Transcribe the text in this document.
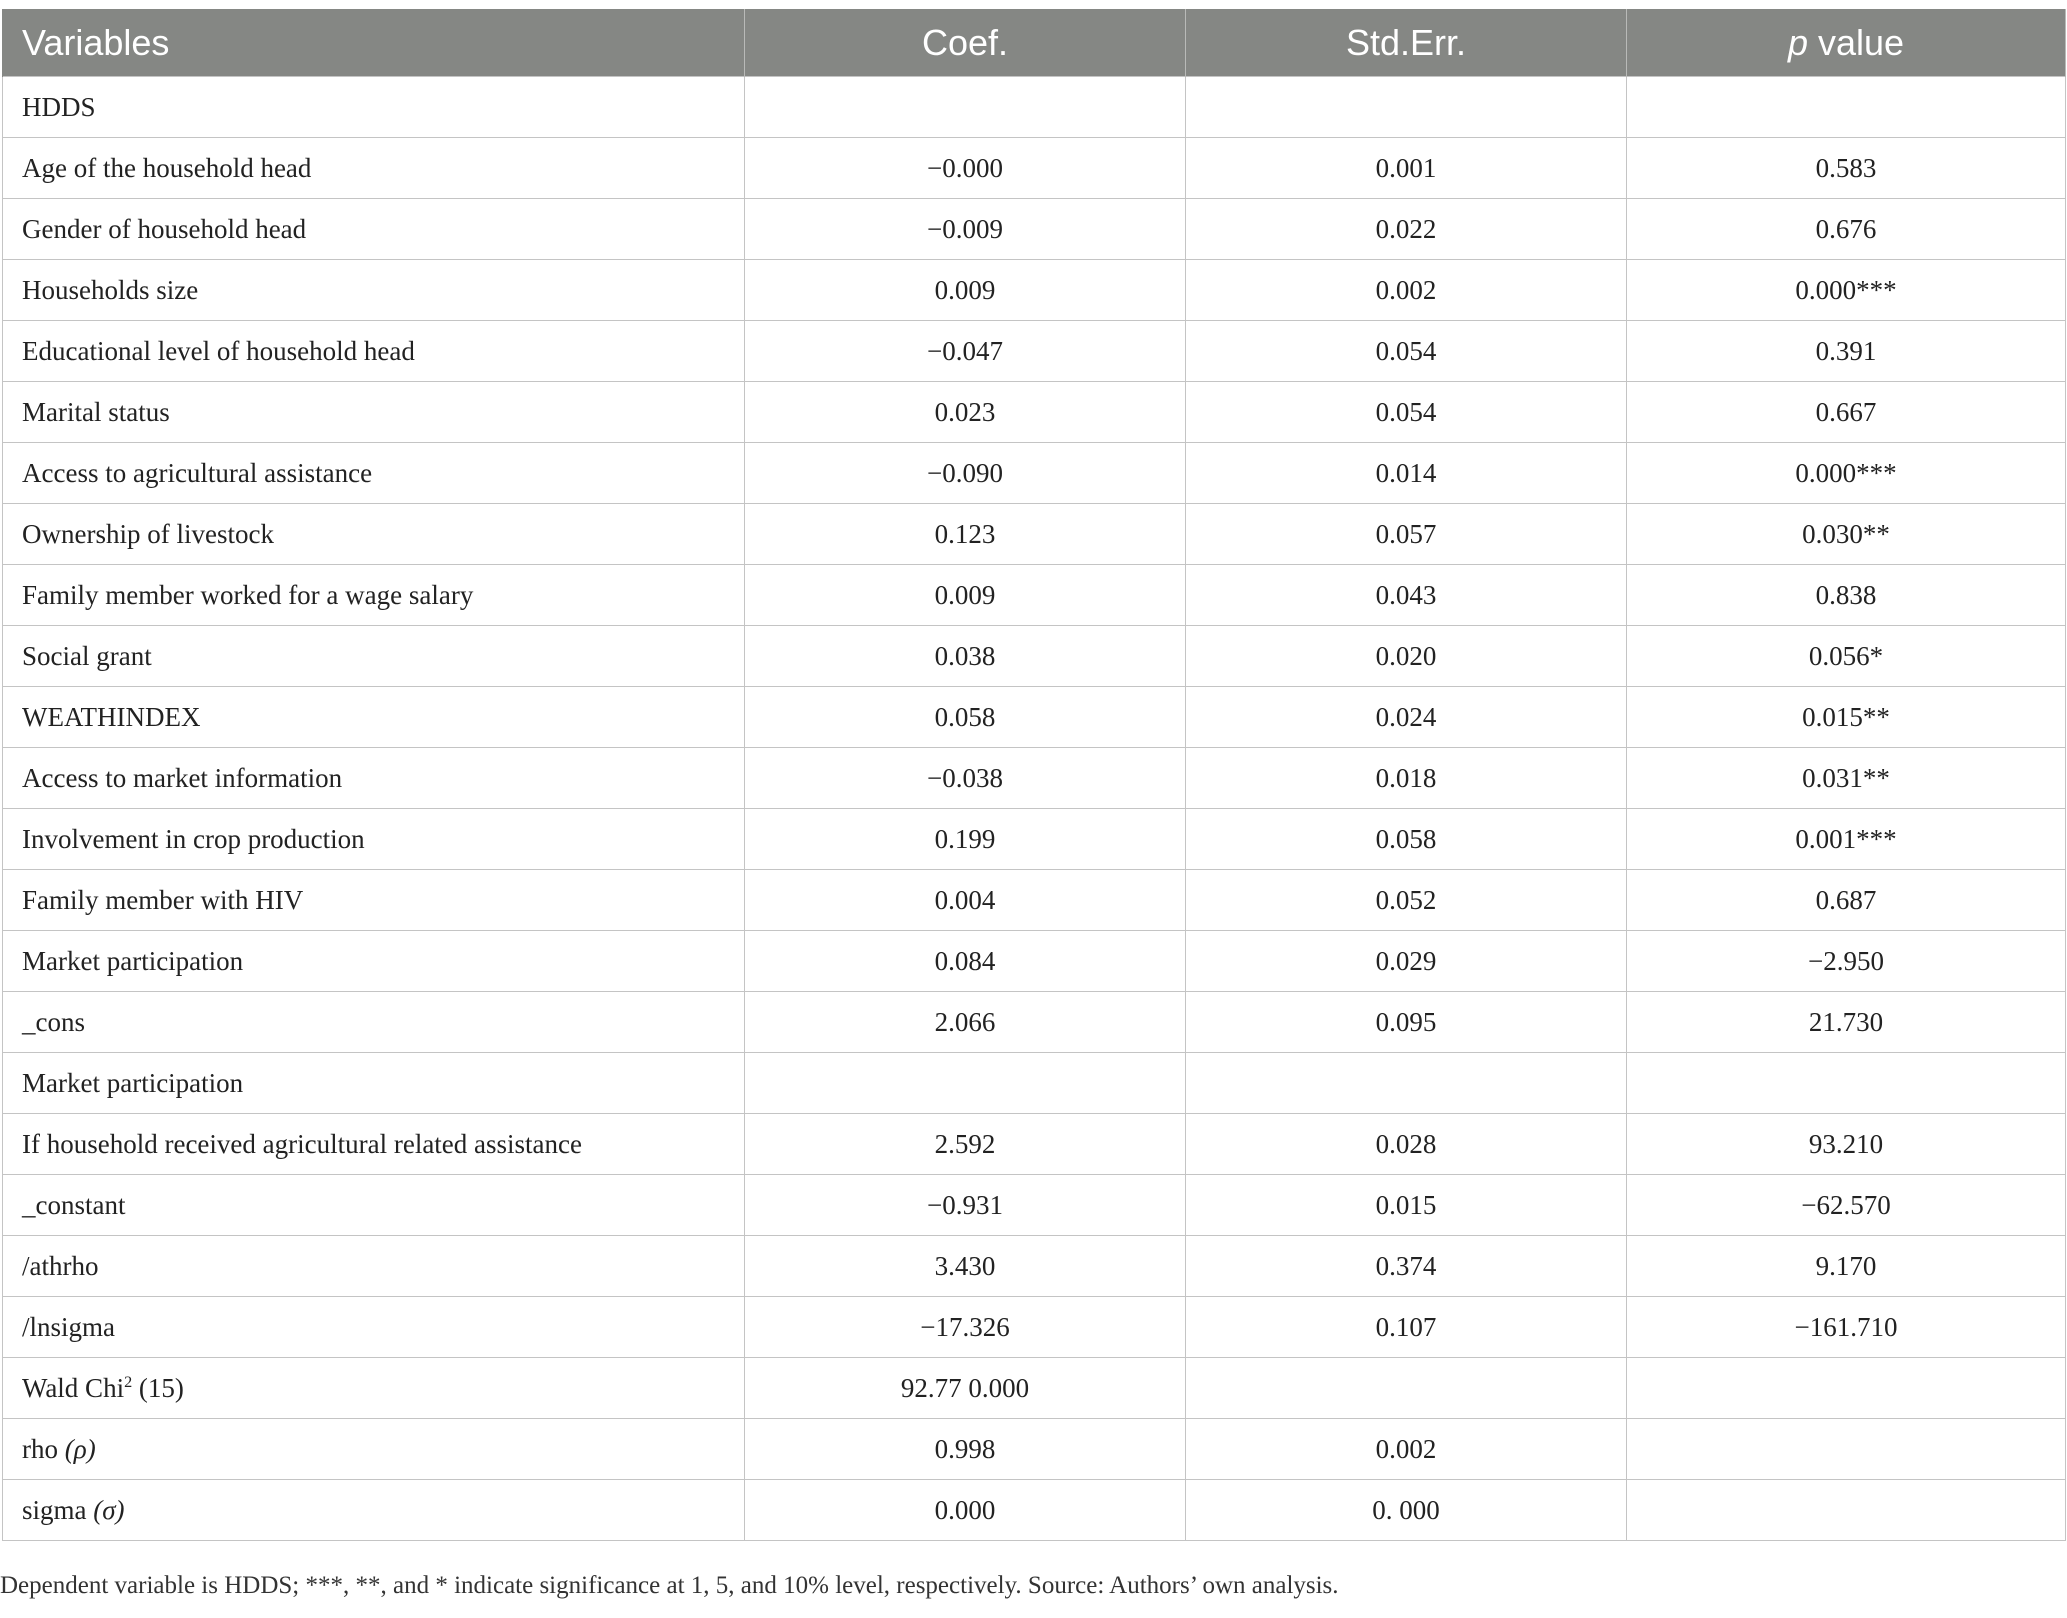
Variables	Coef.	Std.Err.	p value
HDDS			
Age of the household head	−0.000	0.001	0.583
Gender of household head	−0.009	0.022	0.676
Households size	0.009	0.002	0.000***
Educational level of household head	−0.047	0.054	0.391
Marital status	0.023	0.054	0.667
Access to agricultural assistance	−0.090	0.014	0.000***
Ownership of livestock	0.123	0.057	0.030**
Family member worked for a wage salary	0.009	0.043	0.838
Social grant	0.038	0.020	0.056*
WEATHINDEX	0.058	0.024	0.015**
Access to market information	−0.038	0.018	0.031**
Involvement in crop production	0.199	0.058	0.001***
Family member with HIV	0.004	0.052	0.687
Market participation	0.084	0.029	−2.950
_cons	2.066	0.095	21.730
Market participation			
If household received agricultural related assistance	2.592	0.028	93.210
_constant	−0.931	0.015	−62.570
/athrho	3.430	0.374	9.170
/lnsigma	−17.326	0.107	−161.710
Wald Chi$^2$ (15)	92.77 0.000		
rho (ρ)	0.998	0.002	
sigma (σ)	0.000	0. 000	
Dependent variable is HDDS; ***, **, and * indicate significance at 1, 5, and 10% level, respectively. Source: Authors’ own analysis.
